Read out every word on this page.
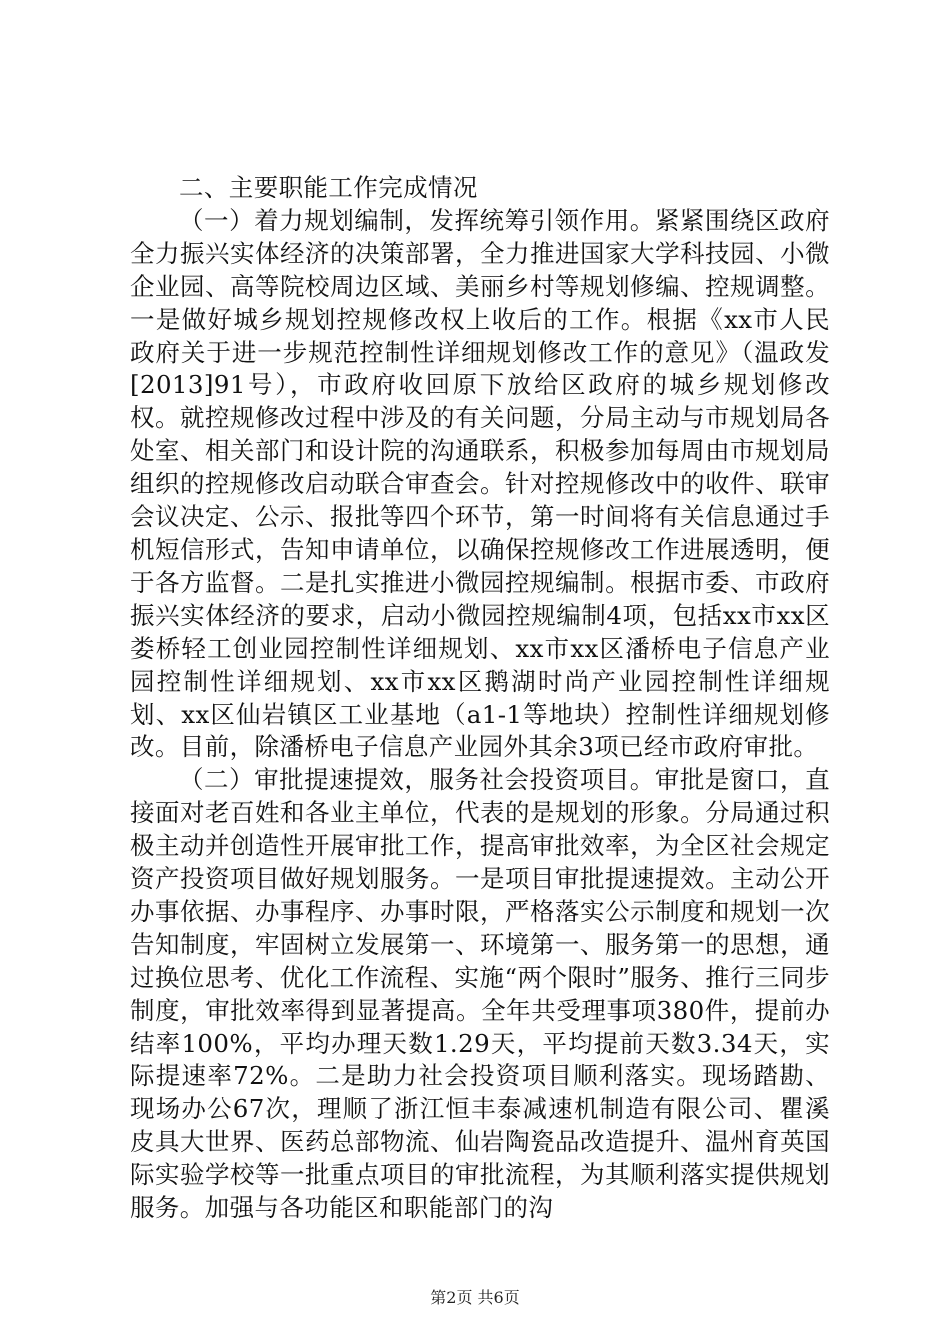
二、主要职能工作完成情况

（一）着力规划编制，发挥统筹引领作用。紧紧围绕区政府全力振兴实体经济的决策部署，全力推进国家大学科技园、小微企业园、高等院校周边区域、美丽乡村等规划修编、控规调整。一是做好城乡规划控规修改权上收后的工作。根据《xx市人民政府关于进一步规范控制性详细规划修改工作的意见》（温政发[2013]91号），市政府收回原下放给区政府的城乡规划修改权。就控规修改过程中涉及的有关问题，分局主动与市规划局各处室、相关部门和设计院的沟通联系，积极参加每周由市规划局组织的控规修改启动联合审查会。针对控规修改中的收件、联审会议决定、公示、报批等四个环节，第一时间将有关信息通过手机短信形式，告知申请单位，以确保控规修改工作进展透明，便于各方监督。二是扎实推进小微园控规编制。根据市委、市政府振兴实体经济的要求，启动小微园控规编制4项，包括xx市xx区娄桥轻工创业园控制性详细规划、xx市xx区潘桥电子信息产业园控制性详细规划、xx市xx区鹅湖时尚产业园控制性详细规划、xx区仙岩镇区工业基地（a1-1等地块）控制性详细规划修改。目前，除潘桥电子信息产业园外其余3项已经市政府审批。

（二）审批提速提效，服务社会投资项目。审批是窗口，直接面对老百姓和各业主单位，代表的是规划的形象。分局通过积极主动并创造性开展审批工作，提高审批效率，为全区社会规定资产投资项目做好规划服务。一是项目审批提速提效。主动公开办事依据、办事程序、办事时限，严格落实公示制度和规划一次告知制度，牢固树立发展第一、环境第一、服务第一的思想，通过换位思考、优化工作流程、实施“两个限时”服务、推行三同步制度，审批效率得到显著提高。全年共受理事项380件，提前办结率100%，平均办理天数1.29天，平均提前天数3.34天，实际提速率72%。二是助力社会投资项目顺利落实。现场踏勘、现场办公67次，理顺了浙江恒丰泰减速机制造有限公司、瞿溪皮具大世界、医药总部物流、仙岩陶瓷品改造提升、温州育英国际实验学校等一批重点项目的审批流程，为其顺利落实提供规划服务。加强与各功能区和职能部门的沟

第2页 共6页
